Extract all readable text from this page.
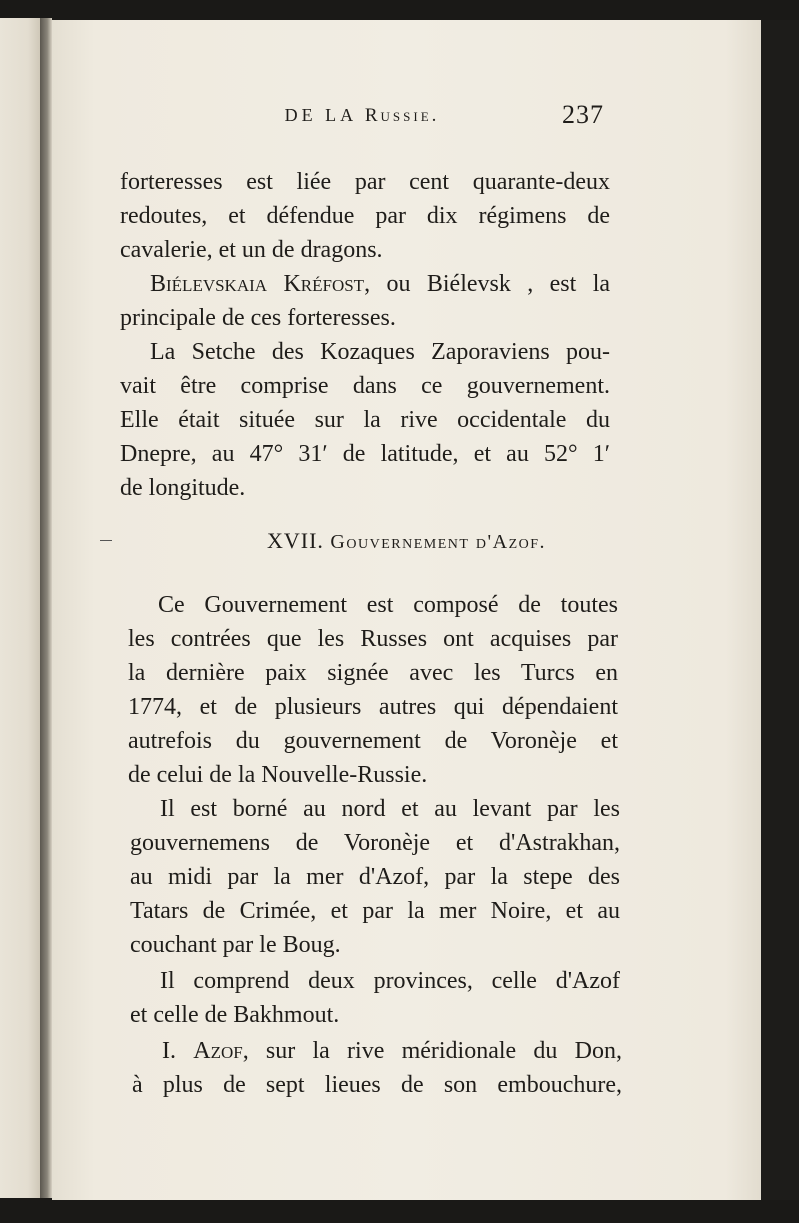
DE LA Russie.	237
forteresses est liée par cent quarante-deux
redoutes, et défendue par dix régimens de
cavalerie, et un de dragons.
Biélevskaia Kréfost, ou Biélevsk , est la
principale de ces forteresses.
La Setche des Kozaques Zaporaviens pou-
vait être comprise dans ce gouvernement.
Elle était située sur la rive occidentale du
Dnepre, au 47° 31ʹ de latitude, et au 52° 1ʹ
de longitude.
XVII. Gouvernement d'Azof.
Ce Gouvernement est composé de toutes
les contrées que les Russes ont acquises par
la dernière paix signée avec les Turcs en
1774, et de plusieurs autres qui dépendaient
autrefois du gouvernement de Voronèje et
de celui de la Nouvelle-Russie.
Il est borné au nord et au levant par les
gouvernemens de Voronèje et d'Astrakhan,
au midi par la mer d'Azof, par la stepe des
Tatars de Crimée, et par la mer Noire, et au
couchant par le Boug.
Il comprend deux provinces, celle d'Azof
et celle de Bakhmout.
I. Azof, sur la rive méridionale du Don,
à plus de sept lieues de son embouchure,
